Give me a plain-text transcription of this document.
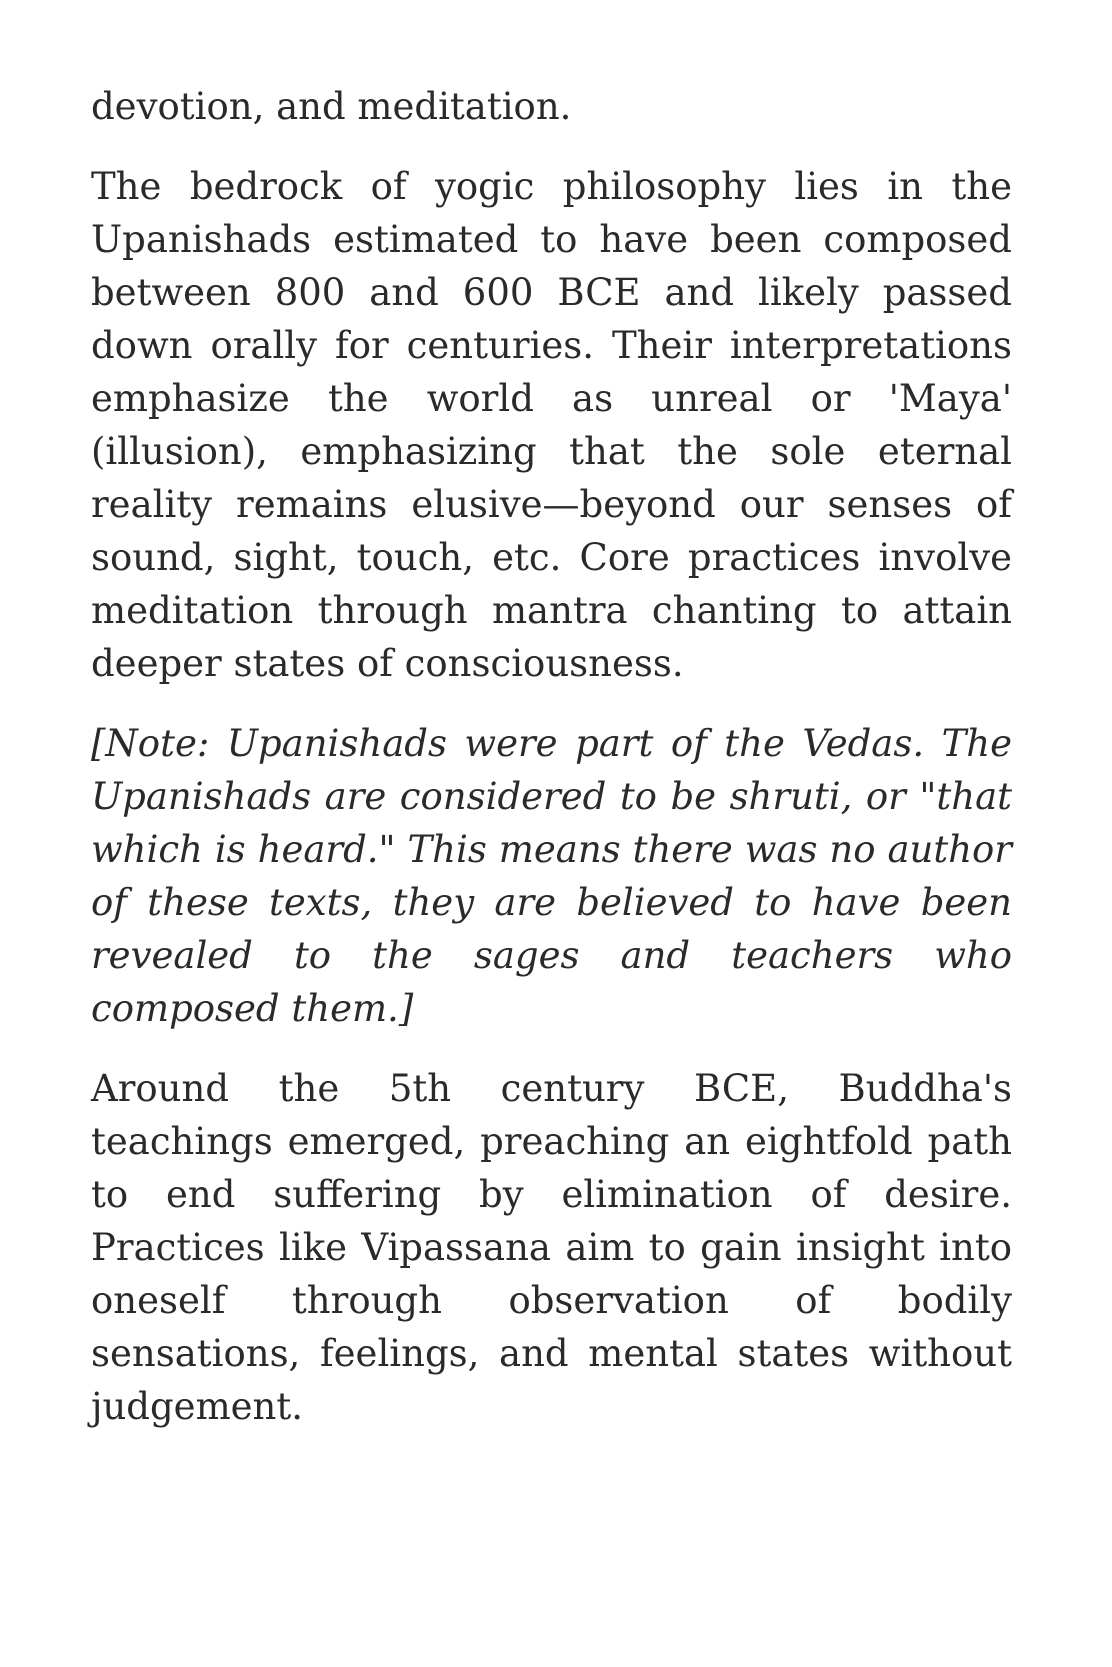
devotion, and meditation.

The bedrock of yogic philosophy lies in the Upanishads estimated to have been composed between 800 and 600 BCE and likely passed down orally for centuries. Their interpretations emphasize the world as unreal or 'Maya' (illusion), emphasizing that the sole eternal reality remains elusive—beyond our senses of sound, sight, touch, etc. Core practices involve meditation through mantra chanting to attain deeper states of consciousness.

[Note: Upanishads were part of the Vedas. The Upanishads are considered to be shruti, or "that which is heard." This means there was no author of these texts, they are believed to have been revealed to the sages and teachers who composed them.]

Around the 5th century BCE, Buddha's teachings emerged, preaching an eightfold path to end suffering by elimination of desire. Practices like Vipassana aim to gain insight into oneself through observation of bodily sensations, feelings, and mental states without judgement.
